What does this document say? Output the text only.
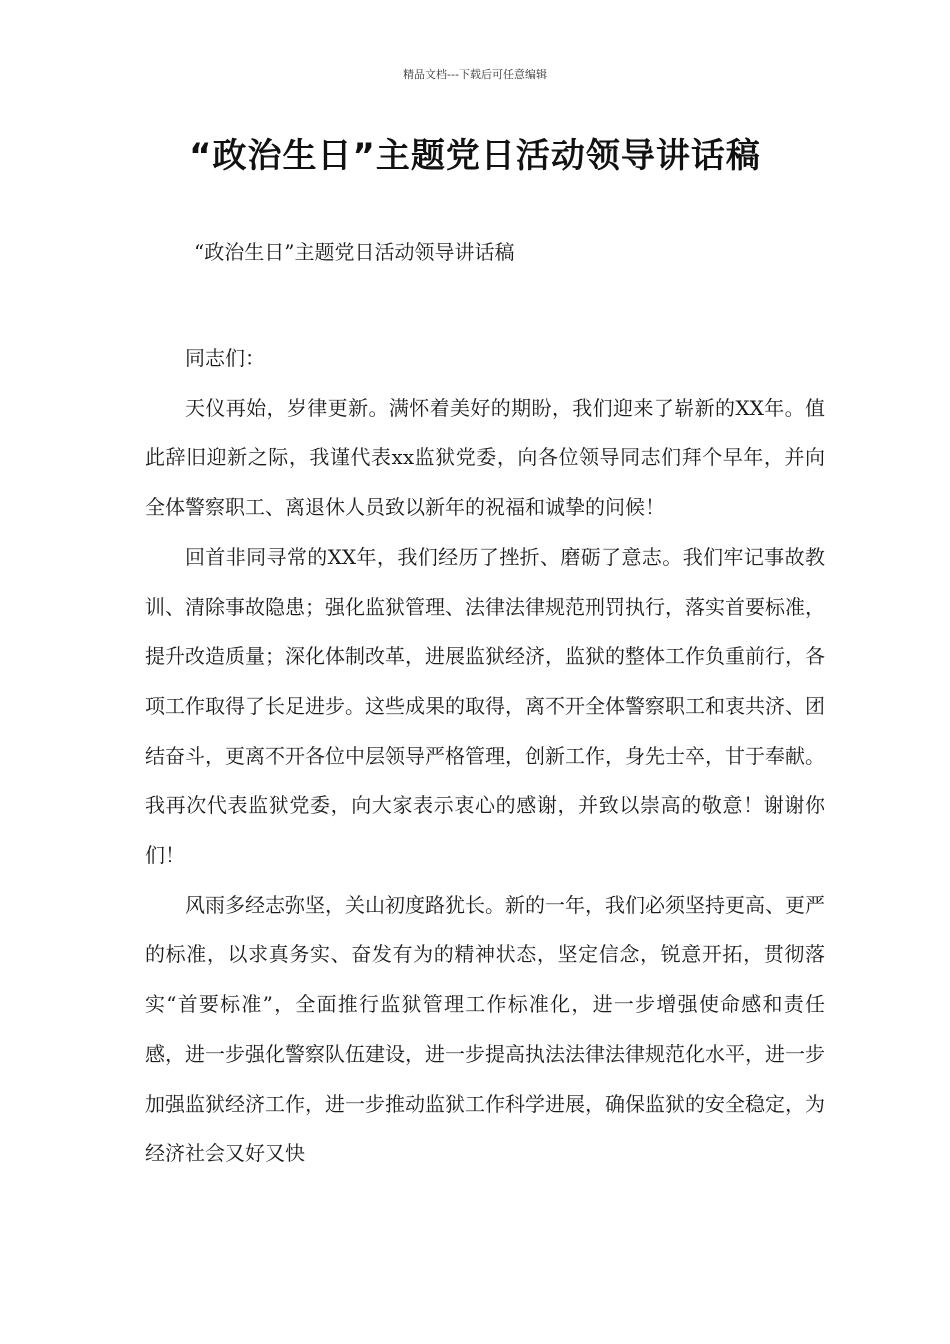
精品文档---下载后可任意编辑
“政治生日”主题党日活动领导讲话稿
“政治生日”主题党日活动领导讲话稿

同志们：

天仪再始，岁律更新。满怀着美好的期盼，我们迎来了崭新的XX年。值此辞旧迎新之际，我谨代表xx监狱党委，向各位领导同志们拜个早年，并向全体警察职工、离退休人员致以新年的祝福和诚挚的问候！

回首非同寻常的XX年，我们经历了挫折、磨砺了意志。我们牢记事故教训、清除事故隐患；强化监狱管理、法律法律规范刑罚执行，落实首要标准，提升改造质量；深化体制改革，进展监狱经济，监狱的整体工作负重前行，各项工作取得了长足进步。这些成果的取得，离不开全体警察职工和衷共济、团结奋斗，更离不开各位中层领导严格管理，创新工作，身先士卒，甘于奉献。我再次代表监狱党委，向大家表示衷心的感谢，并致以崇高的敬意！谢谢你们！

风雨多经志弥坚，关山初度路犹长。新的一年，我们必须坚持更高、更严的标准，以求真务实、奋发有为的精神状态，坚定信念，锐意开拓，贯彻落实“首要标准”，全面推行监狱管理工作标准化，进一步增强使命感和责任感，进一步强化警察队伍建设，进一步提高执法法律法律规范化水平，进一步加强监狱经济工作，进一步推动监狱工作科学进展，确保监狱的安全稳定，为经济社会又好又快
